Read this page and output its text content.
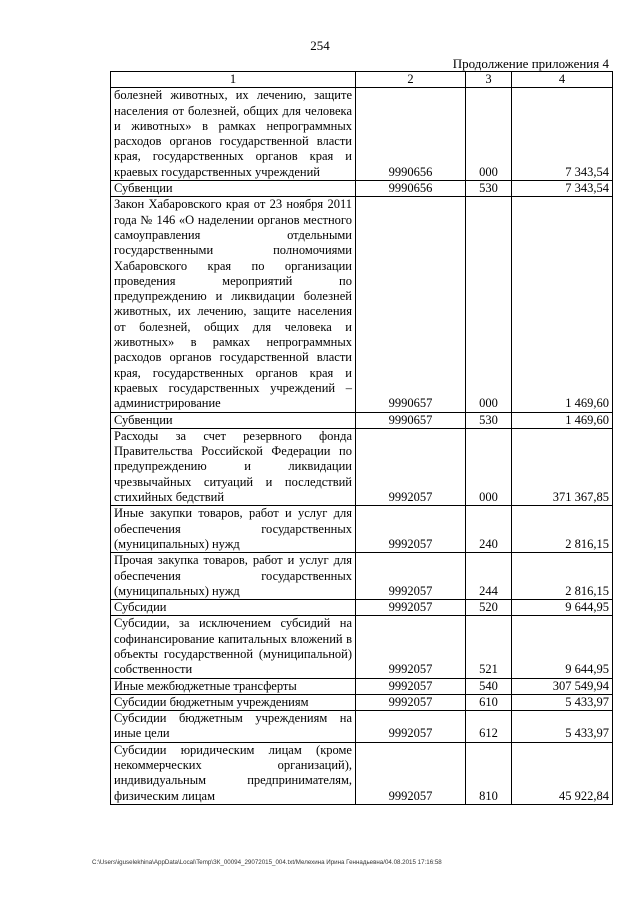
254
Продолжение приложения 4
1	2	3	4
болезней животных, их лечению, защите населения от болезней, общих для человека и животных» в рамках непрограммных расходов органов государственной власти края, государственных органов края и краевых государственных учреждений	9990656	000	7 343,54
Субвенции	9990656	530	7 343,54
Закон Хабаровского края от 23 ноября 2011 года № 146 «О наделении органов местного самоуправления отдельными государственными полномочиями Хабаровского края по организации проведения мероприятий по предупреждению и ликвидации болезней животных, их лечению, защите населения от болезней, общих для человека и животных» в рамках непрограммных расходов органов государственной власти края, государственных органов края и краевых государственных учреждений – администрирование	9990657	000	1 469,60
Субвенции	9990657	530	1 469,60
Расходы за счет резервного фонда Правительства Российской Федерации по предупреждению и ликвидации чрезвычайных ситуаций и последствий стихийных бедствий	9992057	000	371 367,85
Иные закупки товаров, работ и услуг для обеспечения государственных (муниципальных) нужд	9992057	240	2 816,15
Прочая закупка товаров, работ и услуг для обеспечения государственных (муниципальных) нужд	9992057	244	2 816,15
Субсидии	9992057	520	9 644,95
Субсидии, за исключением субсидий на софинансирование капитальных вложений в объекты государственной (муниципальной) собственности	9992057	521	9 644,95
Иные межбюджетные трансферты	9992057	540	307 549,94
Субсидии бюджетным учреждениям	9992057	610	5 433,97
Субсидии бюджетным учреждениям на иные цели	9992057	612	5 433,97
Субсидии юридическим лицам (кроме некоммерческих организаций), индивидуальным предпринимателям, физическим лицам	9992057	810	45 922,84
C:\Users\iguselekhina\AppData\Local\Temp\ЗК_00094_29072015_004.txt/Мелехина Ирина Геннадьевна/04.08.2015 17:16:58
